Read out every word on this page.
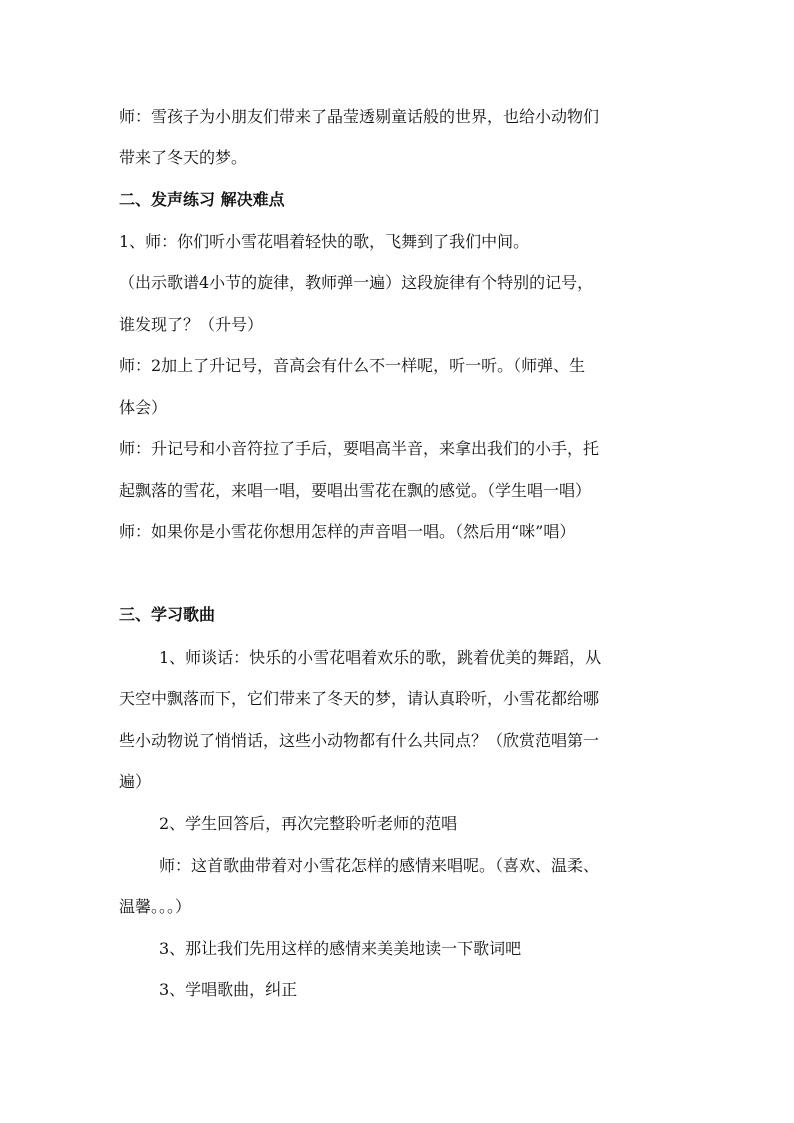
师：雪孩子为小朋友们带来了晶莹透剔童话般的世界，也给小动物们
带来了冬天的梦。
二、发声练习 解决难点
1、师：你们听小雪花唱着轻快的歌，飞舞到了我们中间。
（出示歌谱4小节的旋律，教师弹一遍）这段旋律有个特别的记号，
谁发现了？（升号）
师：2加上了升记号，音高会有什么不一样呢，听一听。（师弹、生
体会）
师：升记号和小音符拉了手后，要唱高半音，来拿出我们的小手，托
起飘落的雪花，来唱一唱，要唱出雪花在飘的感觉。（学生唱一唱）
师：如果你是小雪花你想用怎样的声音唱一唱。（然后用“咪”唱）
三、学习歌曲
1、师谈话：快乐的小雪花唱着欢乐的歌，跳着优美的舞蹈，从
天空中飘落而下，它们带来了冬天的梦，请认真聆听，小雪花都给哪
些小动物说了悄悄话，这些小动物都有什么共同点？（欣赏范唱第一
遍）
2、学生回答后，再次完整聆听老师的范唱
师：这首歌曲带着对小雪花怎样的感情来唱呢。（喜欢、温柔、
温馨。。。）
3、那让我们先用这样的感情来美美地读一下歌词吧
3、学唱歌曲，纠正
